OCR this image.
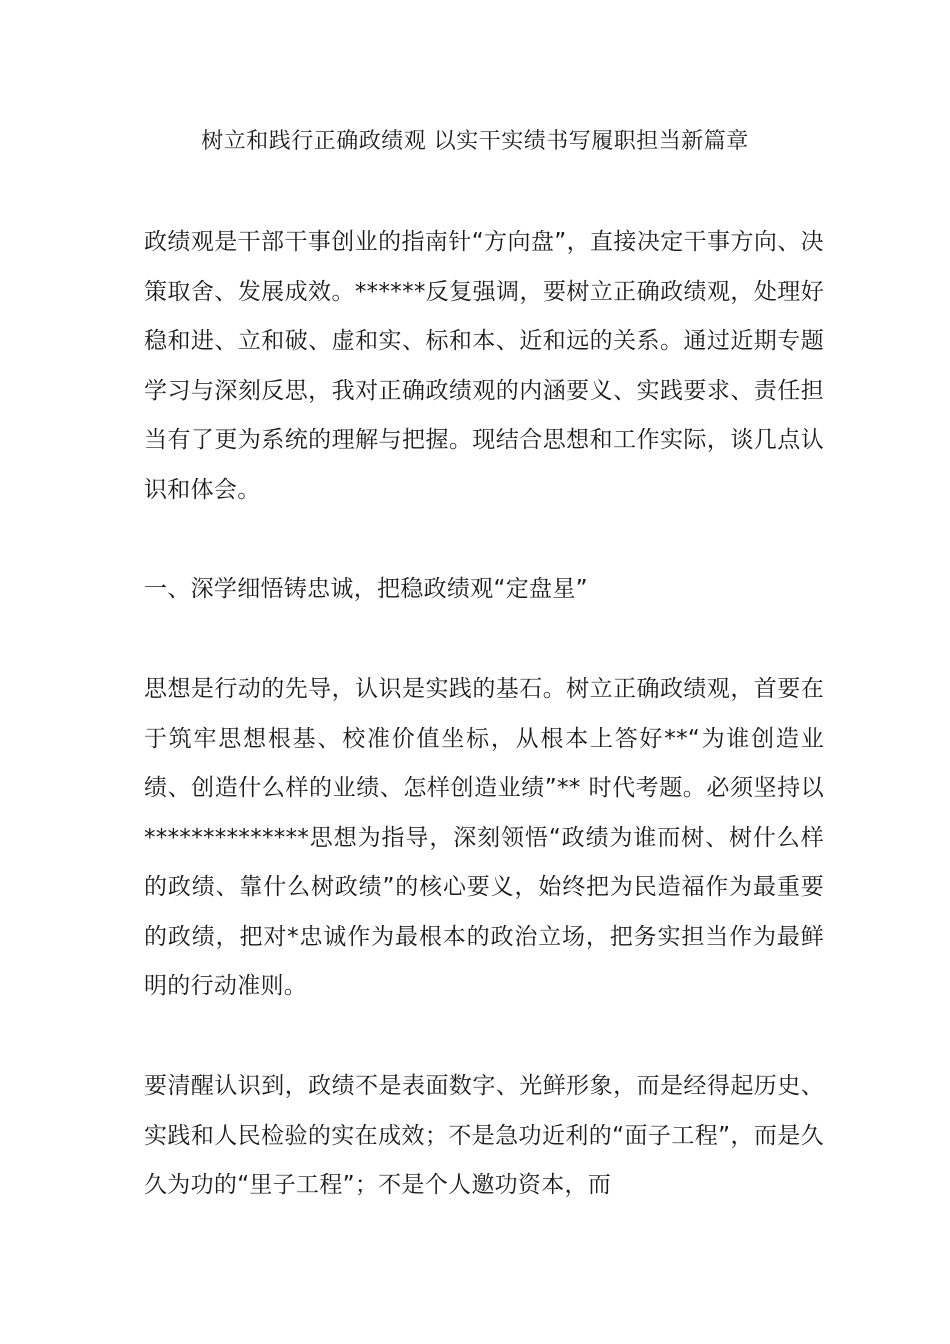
树立和践行正确政绩观 以实干实绩书写履职担当新篇章

政绩观是干部干事创业的指南针“方向盘”，直接决定干事方向、决策取舍、发展成效。******反复强调，要树立正确政绩观，处理好稳和进、立和破、虚和实、标和本、近和远的关系。通过近期专题学习与深刻反思，我对正确政绩观的内涵要义、实践要求、责任担当有了更为系统的理解与把握。现结合思想和工作实际，谈几点认识和体会。

一、深学细悟铸忠诚，把稳政绩观“定盘星”

思想是行动的先导，认识是实践的基石。树立正确政绩观，首要在于筑牢思想根基、校准价值坐标，从根本上答好**“为谁创造业绩、创造什么样的业绩、怎样创造业绩”** 时代考题。必须坚持以**************思想为指导，深刻领悟“政绩为谁而树、树什么样的政绩、靠什么树政绩”的核心要义，始终把为民造福作为最重要的政绩，把对*忠诚作为最根本的政治立场，把务实担当作为最鲜明的行动准则。

要清醒认识到，政绩不是表面数字、光鲜形象，而是经得起历史、实践和人民检验的实在成效；不是急功近利的“面子工程”，而是久久为功的“里子工程”；不是个人邀功资本，而
